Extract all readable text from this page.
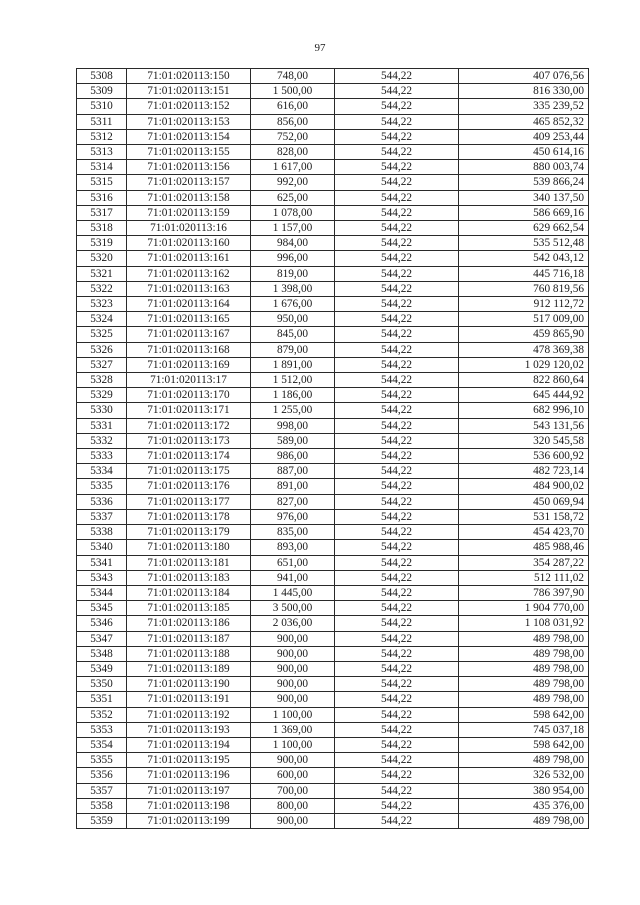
97
5308	71:01:020113:150	748,00	544,22	407 076,56
5309	71:01:020113:151	1 500,00	544,22	816 330,00
5310	71:01:020113:152	616,00	544,22	335 239,52
5311	71:01:020113:153	856,00	544,22	465 852,32
5312	71:01:020113:154	752,00	544,22	409 253,44
5313	71:01:020113:155	828,00	544,22	450 614,16
5314	71:01:020113:156	1 617,00	544,22	880 003,74
5315	71:01:020113:157	992,00	544,22	539 866,24
5316	71:01:020113:158	625,00	544,22	340 137,50
5317	71:01:020113:159	1 078,00	544,22	586 669,16
5318	71:01:020113:16	1 157,00	544,22	629 662,54
5319	71:01:020113:160	984,00	544,22	535 512,48
5320	71:01:020113:161	996,00	544,22	542 043,12
5321	71:01:020113:162	819,00	544,22	445 716,18
5322	71:01:020113:163	1 398,00	544,22	760 819,56
5323	71:01:020113:164	1 676,00	544,22	912 112,72
5324	71:01:020113:165	950,00	544,22	517 009,00
5325	71:01:020113:167	845,00	544,22	459 865,90
5326	71:01:020113:168	879,00	544,22	478 369,38
5327	71:01:020113:169	1 891,00	544,22	1 029 120,02
5328	71:01:020113:17	1 512,00	544,22	822 860,64
5329	71:01:020113:170	1 186,00	544,22	645 444,92
5330	71:01:020113:171	1 255,00	544,22	682 996,10
5331	71:01:020113:172	998,00	544,22	543 131,56
5332	71:01:020113:173	589,00	544,22	320 545,58
5333	71:01:020113:174	986,00	544,22	536 600,92
5334	71:01:020113:175	887,00	544,22	482 723,14
5335	71:01:020113:176	891,00	544,22	484 900,02
5336	71:01:020113:177	827,00	544,22	450 069,94
5337	71:01:020113:178	976,00	544,22	531 158,72
5338	71:01:020113:179	835,00	544,22	454 423,70
5340	71:01:020113:180	893,00	544,22	485 988,46
5341	71:01:020113:181	651,00	544,22	354 287,22
5343	71:01:020113:183	941,00	544,22	512 111,02
5344	71:01:020113:184	1 445,00	544,22	786 397,90
5345	71:01:020113:185	3 500,00	544,22	1 904 770,00
5346	71:01:020113:186	2 036,00	544,22	1 108 031,92
5347	71:01:020113:187	900,00	544,22	489 798,00
5348	71:01:020113:188	900,00	544,22	489 798,00
5349	71:01:020113:189	900,00	544,22	489 798,00
5350	71:01:020113:190	900,00	544,22	489 798,00
5351	71:01:020113:191	900,00	544,22	489 798,00
5352	71:01:020113:192	1 100,00	544,22	598 642,00
5353	71:01:020113:193	1 369,00	544,22	745 037,18
5354	71:01:020113:194	1 100,00	544,22	598 642,00
5355	71:01:020113:195	900,00	544,22	489 798,00
5356	71:01:020113:196	600,00	544,22	326 532,00
5357	71:01:020113:197	700,00	544,22	380 954,00
5358	71:01:020113:198	800,00	544,22	435 376,00
5359	71:01:020113:199	900,00	544,22	489 798,00
